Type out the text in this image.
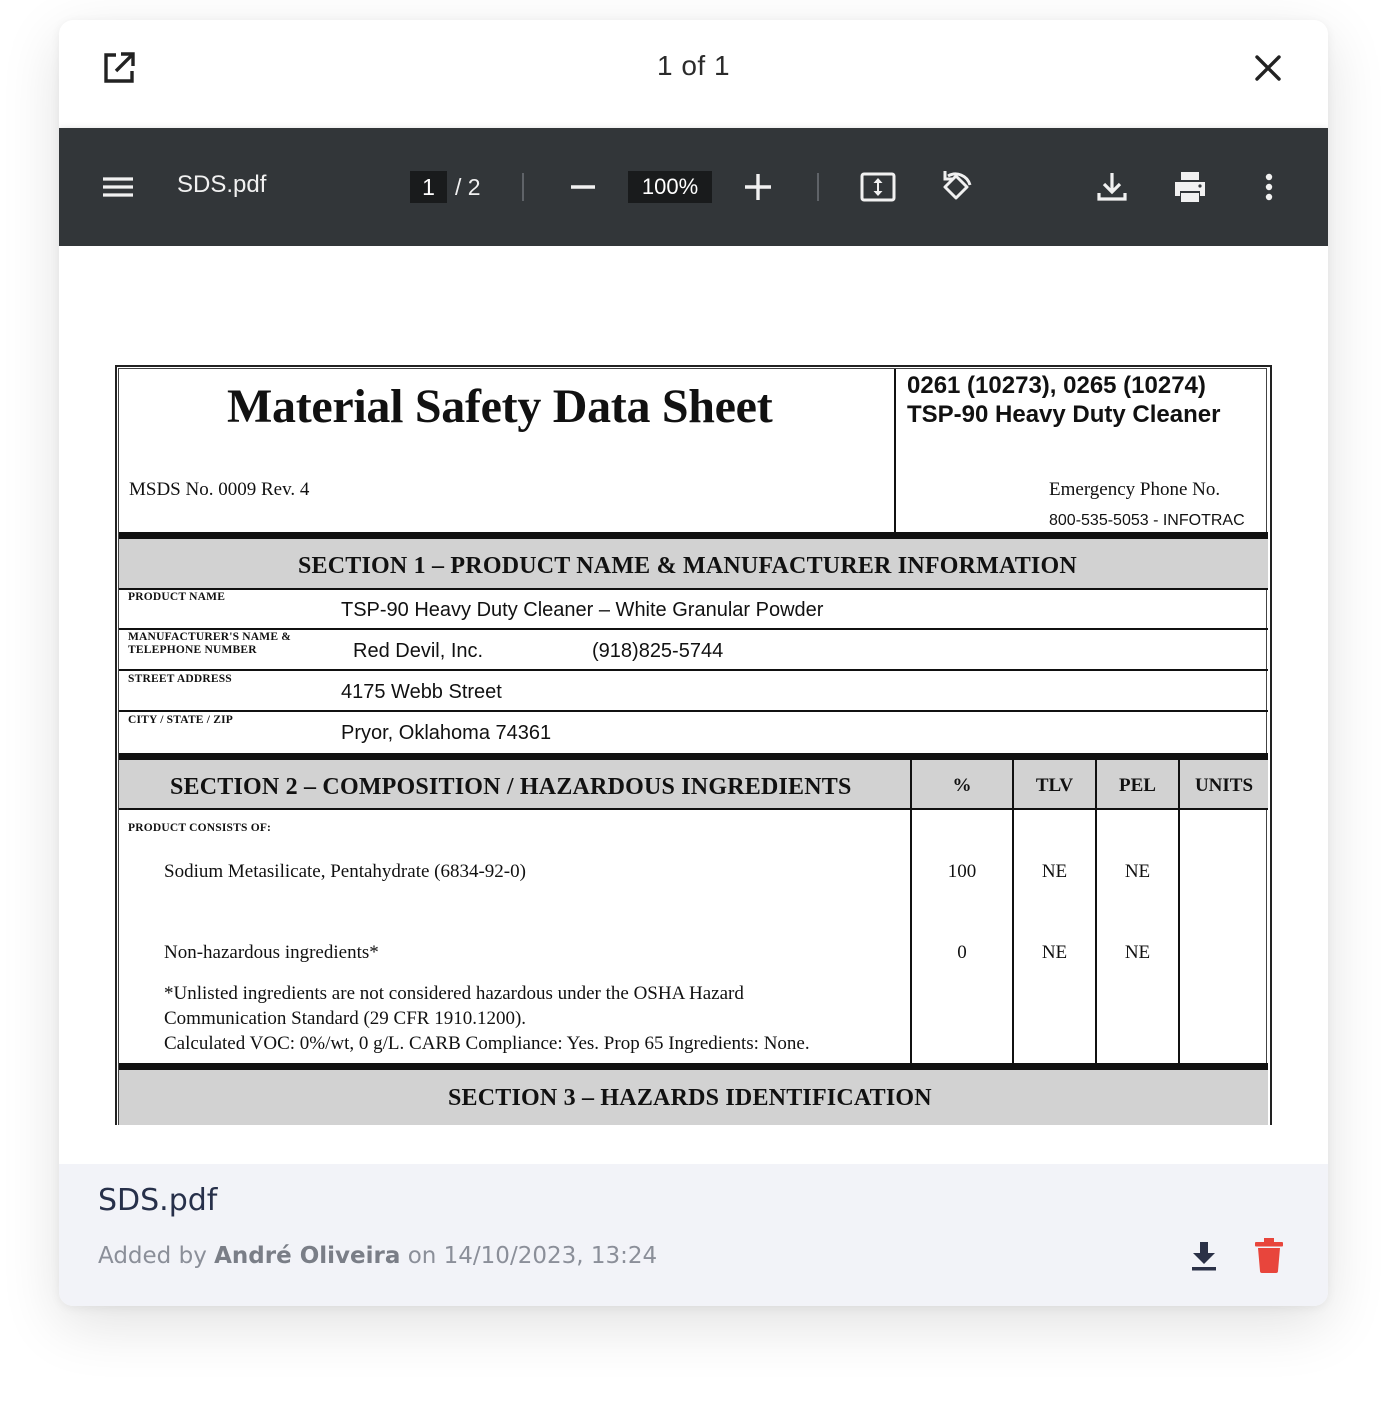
1 of 1
SDS.pdf	1 / 2	100%
Material Safety Data Sheet
MSDS No. 0009 Rev. 4
0261 (10273), 0265 (10274)
TSP-90 Heavy Duty Cleaner
Emergency Phone No.
800-535-5053 - INFOTRAC
SECTION 1 – PRODUCT NAME & MANUFACTURER INFORMATION
PRODUCT NAME
TSP-90 Heavy Duty Cleaner – White Granular Powder
MANUFACTURER'S NAME & TELEPHONE NUMBER	Red Devil, Inc.	(918)825-5744
STREET ADDRESS
4175 Webb Street
CITY / STATE / ZIP
Pryor, Oklahoma 74361
SECTION 2 – COMPOSITION / HAZARDOUS INGREDIENTS	%	TLV	PEL	UNITS
PRODUCT CONSISTS OF:
Sodium Metasilicate, Pentahydrate (6834-92-0)	100	NE	NE
Non-hazardous ingredients*	0	NE	NE
*Unlisted ingredients are not considered hazardous under the OSHA Hazard
Communication Standard (29 CFR 1910.1200).
Calculated VOC: 0%/wt, 0 g/L. CARB Compliance: Yes. Prop 65 Ingredients: None.
SECTION 3 – HAZARDS IDENTIFICATION
SDS.pdf
Added by André Oliveira on 14/10/2023, 13:24
